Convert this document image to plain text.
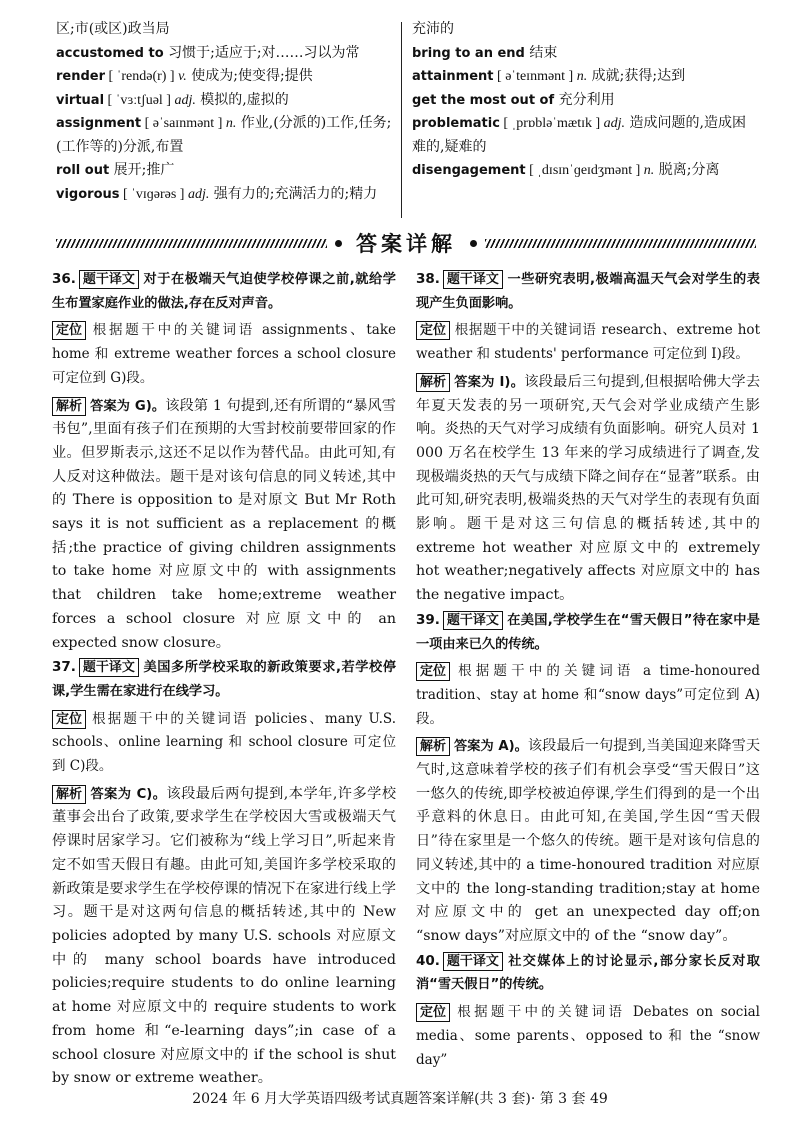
区;市(或区)政当局
accustomed to 习惯于;适应于;对……习以为常
render [ ˈrendə(r) ] v. 使成为;使变得;提供
virtual [ ˈvɜːtʃuəl ] adj. 模拟的,虚拟的
assignment [ əˈsaɪnmənt ] n. 作业,(分派的)工作,任务;(工作等的)分派,布置
roll out 展开;推广
vigorous [ ˈvɪɡərəs ] adj. 强有力的;充满活力的;精力
充沛的
bring to an end 结束
attainment [ əˈteɪnmənt ] n. 成就;获得;达到
get the most out of 充分利用
problematic [ ˌprɒbləˈmætɪk ] adj. 造成问题的,造成困难的,疑难的
disengagement [ ˌdɪsɪnˈɡeɪdʒmənt ] n. 脱离;分离
答案详解
36. 题干译文 对于在极端天气迫使学校停课之前,就给学生布置家庭作业的做法,存在反对声音。
定位 根据题干中的关键词语 assignments、take home 和 extreme weather forces a school closure 可定位到 G)段。
解析 答案为 G)。该段第 1 句提到,还有所谓的“暴风雪书包”,里面有孩子们在预期的大雪封校前要带回家的作业。但罗斯表示,这还不足以作为替代品。由此可知,有人反对这种做法。题干是对该句信息的同义转述,其中的 There is opposition to 是对原文 But Mr Roth says it is not sufficient as a replacement 的概括;the practice of giving children assignments to take home 对应原文中的 with assignments that children take home;extreme weather forces a school closure 对应原文中的 an expected snow closure。
37. 题干译文 美国多所学校采取的新政策要求,若学校停课,学生需在家进行在线学习。
定位 根据题干中的关键词语 policies、many U.S. schools、online learning 和 school closure 可定位到 C)段。
解析 答案为 C)。该段最后两句提到,本学年,许多学校董事会出台了政策,要求学生在学校因大雪或极端天气停课时居家学习。它们被称为“线上学习日”,听起来肯定不如雪天假日有趣。由此可知,美国许多学校采取的新政策是要求学生在学校停课的情况下在家进行线上学习。题干是对这两句信息的概括转述,其中的 New policies adopted by many U.S. schools 对应原文中的 many school boards have introduced policies;require students to do online learning at home 对应原文中的 require students to work from home 和“e-learning days”;in case of a school closure 对应原文中的 if the school is shut by snow or extreme weather。
38. 题干译文 一些研究表明,极端高温天气会对学生的表现产生负面影响。
定位 根据题干中的关键词语 research、extreme hot weather 和 students' performance 可定位到 I)段。
解析 答案为 I)。该段最后三句提到,但根据哈佛大学去年夏天发表的另一项研究,天气会对学业成绩产生影响。炎热的天气对学习成绩有负面影响。研究人员对 1 000 万名在校学生 13 年来的学习成绩进行了调查,发现极端炎热的天气与成绩下降之间存在“显著”联系。由此可知,研究表明,极端炎热的天气对学生的表现有负面影响。题干是对这三句信息的概括转述,其中的 extreme hot weather 对应原文中的 extremely hot weather;negatively affects 对应原文中的 has the negative impact。
39. 题干译文 在美国,学校学生在“雪天假日”待在家中是一项由来已久的传统。
定位 根据题干中的关键词语 a time-honoured tradition、stay at home 和“snow days”可定位到 A)段。
解析 答案为 A)。该段最后一句提到,当美国迎来降雪天气时,这意味着学校的孩子们有机会享受“雪天假日”这一悠久的传统,即学校被迫停课,学生们得到的是一个出乎意料的休息日。由此可知,在美国,学生因“雪天假日”待在家里是一个悠久的传统。题干是对该句信息的同义转述,其中的 a time-honoured tradition 对应原文中的 the long-standing tradition;stay at home 对应原文中的 get an unexpected day off;on “snow days”对应原文中的 of the “snow day”。
40. 题干译文 社交媒体上的讨论显示,部分家长反对取消“雪天假日”的传统。
定位 根据题干中的关键词语 Debates on social media、some parents、opposed to 和 the “snow day”
2024 年 6 月大学英语四级考试真题答案详解(共 3 套)· 第 3 套 49
